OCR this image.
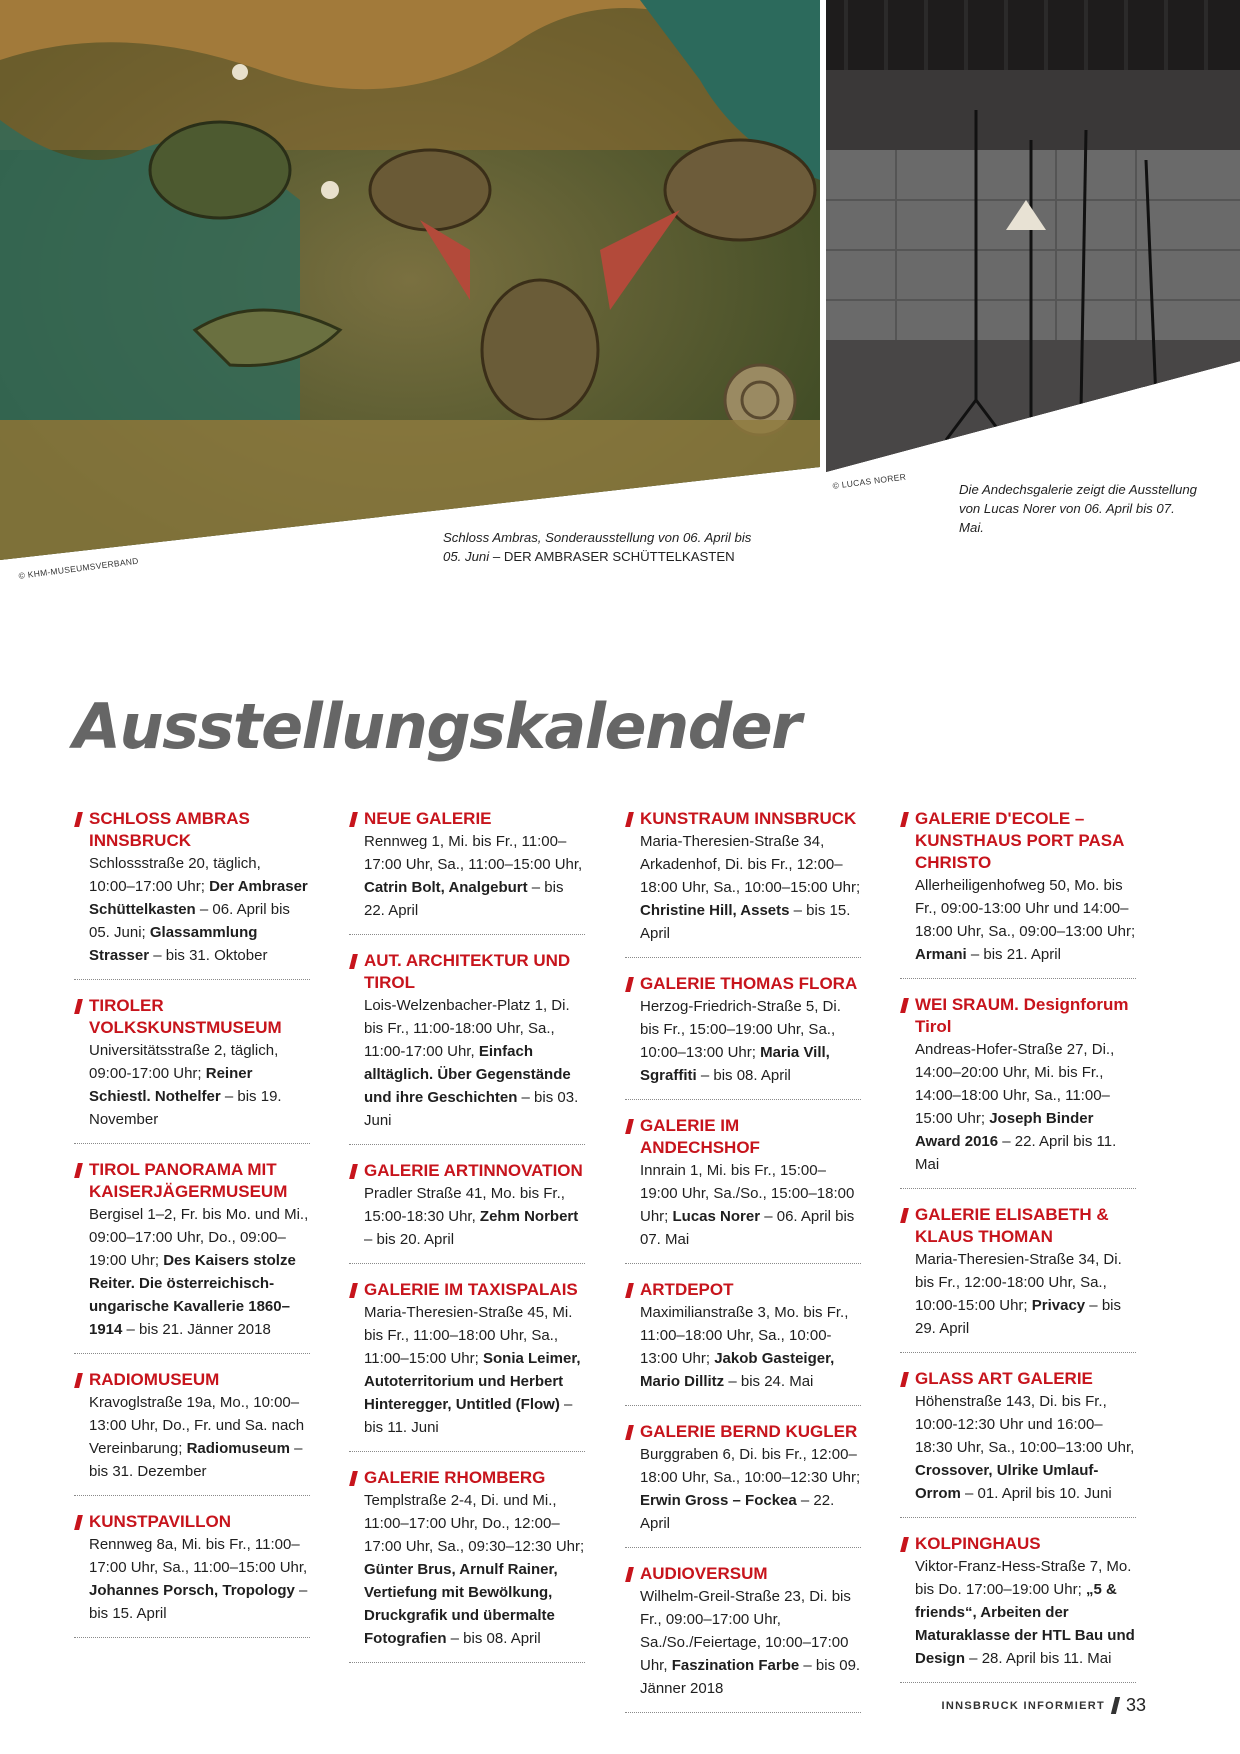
© KHM-MUSEUMSVERBAND
© LUCAS NORER
Schloss Ambras, Sonderausstellung von 06. April bis 05. Juni – DER AMBRASER SCHÜTTELKASTEN
Die Andechsgalerie zeigt die Ausstellung von Lucas Norer von 06. April bis 07. Mai.
Ausstellungskalender
SCHLOSS AMBRAS INNSBRUCK
Schlossstraße 20, täglich, 10:00–17:00 Uhr; Der Ambraser Schüttelkasten – 06. April bis 05. Juni; Glassammlung Strasser – bis 31. Oktober
TIROLER VOLKSKUNSTMUSEUM
Universitätsstraße 2, täglich, 09:00-17:00 Uhr; Reiner Schiestl. Nothelfer – bis 19. November
TIROL PANORAMA MIT KAISERJÄGERMUSEUM
Bergisel 1–2, Fr. bis Mo. und Mi., 09:00–17:00 Uhr, Do., 09:00–19:00 Uhr; Des Kaisers stolze Reiter. Die österreichisch-ungarische Kavallerie 1860–1914 – bis 21. Jänner 2018
RADIOMUSEUM
Kravoglstraße 19a, Mo., 10:00–13:00 Uhr, Do., Fr. und Sa. nach Vereinbarung; Radiomuseum – bis 31. Dezember
KUNSTPAVILLON
Rennweg 8a, Mi. bis Fr., 11:00–17:00 Uhr, Sa., 11:00–15:00 Uhr, Johannes Porsch, Tropology – bis 15. April
NEUE GALERIE
Rennweg 1, Mi. bis Fr., 11:00–17:00 Uhr, Sa., 11:00–15:00 Uhr, Catrin Bolt, Analgeburt – bis 22. April
AUT. ARCHITEKTUR UND TIROL
Lois-Welzenbacher-Platz 1, Di. bis Fr., 11:00-18:00 Uhr, Sa., 11:00-17:00 Uhr, Einfach alltäglich. Über Gegenstände und ihre Geschichten – bis 03. Juni
GALERIE ARTINNOVATION
Pradler Straße 41, Mo. bis Fr., 15:00-18:30 Uhr, Zehm Norbert – bis 20. April
GALERIE IM TAXISPALAIS
Maria-Theresien-Straße 45, Mi. bis Fr., 11:00–18:00 Uhr, Sa., 11:00–15:00 Uhr; Sonia Leimer, Autoterritorium und Herbert Hinteregger, Untitled (Flow) – bis 11. Juni
GALERIE RHOMBERG
Templstraße 2-4, Di. und Mi., 11:00–17:00 Uhr, Do., 12:00–17:00 Uhr, Sa., 09:30–12:30 Uhr; Günter Brus, Arnulf Rainer, Vertiefung mit Bewölkung, Druckgrafik und übermalte Fotografien – bis 08. April
KUNSTRAUM INNSBRUCK
Maria-Theresien-Straße 34, Arkadenhof, Di. bis Fr., 12:00–18:00 Uhr, Sa., 10:00–15:00 Uhr; Christine Hill, Assets – bis 15. April
GALERIE THOMAS FLORA
Herzog-Friedrich-Straße 5, Di. bis Fr., 15:00–19:00 Uhr, Sa., 10:00–13:00 Uhr; Maria Vill, Sgraffiti – bis 08. April
GALERIE IM ANDECHSHOF
Innrain 1, Mi. bis Fr., 15:00–19:00 Uhr, Sa./So., 15:00–18:00 Uhr; Lucas Norer – 06. April bis 07. Mai
ARTDEPOT
Maximilianstraße 3, Mo. bis Fr., 11:00–18:00 Uhr, Sa., 10:00-13:00 Uhr; Jakob Gasteiger, Mario Dillitz – bis 24. Mai
GALERIE BERND KUGLER
Burggraben 6, Di. bis Fr., 12:00–18:00 Uhr, Sa., 10:00–12:30 Uhr; Erwin Gross – Fockea – 22. April
AUDIOVERSUM
Wilhelm-Greil-Straße 23, Di. bis Fr., 09:00–17:00 Uhr, Sa./So./Feiertage, 10:00–17:00 Uhr, Faszination Farbe – bis 09. Jänner 2018
GALERIE D'ECOLE – KUNSTHAUS PORT PASA CHRISTO
Allerheiligenhofweg 50, Mo. bis Fr., 09:00-13:00 Uhr und 14:00–18:00 Uhr, Sa., 09:00–13:00 Uhr; Armani – bis 21. April
WEI SRAUM. Designforum Tirol
Andreas-Hofer-Straße 27, Di., 14:00–20:00 Uhr, Mi. bis Fr., 14:00–18:00 Uhr, Sa., 11:00–15:00 Uhr; Joseph Binder Award 2016 – 22. April bis 11. Mai
GALERIE ELISABETH & KLAUS THOMAN
Maria-Theresien-Straße 34, Di. bis Fr., 12:00-18:00 Uhr, Sa., 10:00-15:00 Uhr; Privacy – bis 29. April
GLASS ART GALERIE
Höhenstraße 143, Di. bis Fr., 10:00-12:30 Uhr und 16:00–18:30 Uhr, Sa., 10:00–13:00 Uhr, Crossover, Ulrike Umlauf-Orrom – 01. April bis 10. Juni
KOLPINGHAUS
Viktor-Franz-Hess-Straße 7, Mo. bis Do. 17:00–19:00 Uhr; „5 & friends“, Arbeiten der Maturaklasse der HTL Bau und Design – 28. April bis 11. Mai
INNSBRUCK INFORMIERT 33
